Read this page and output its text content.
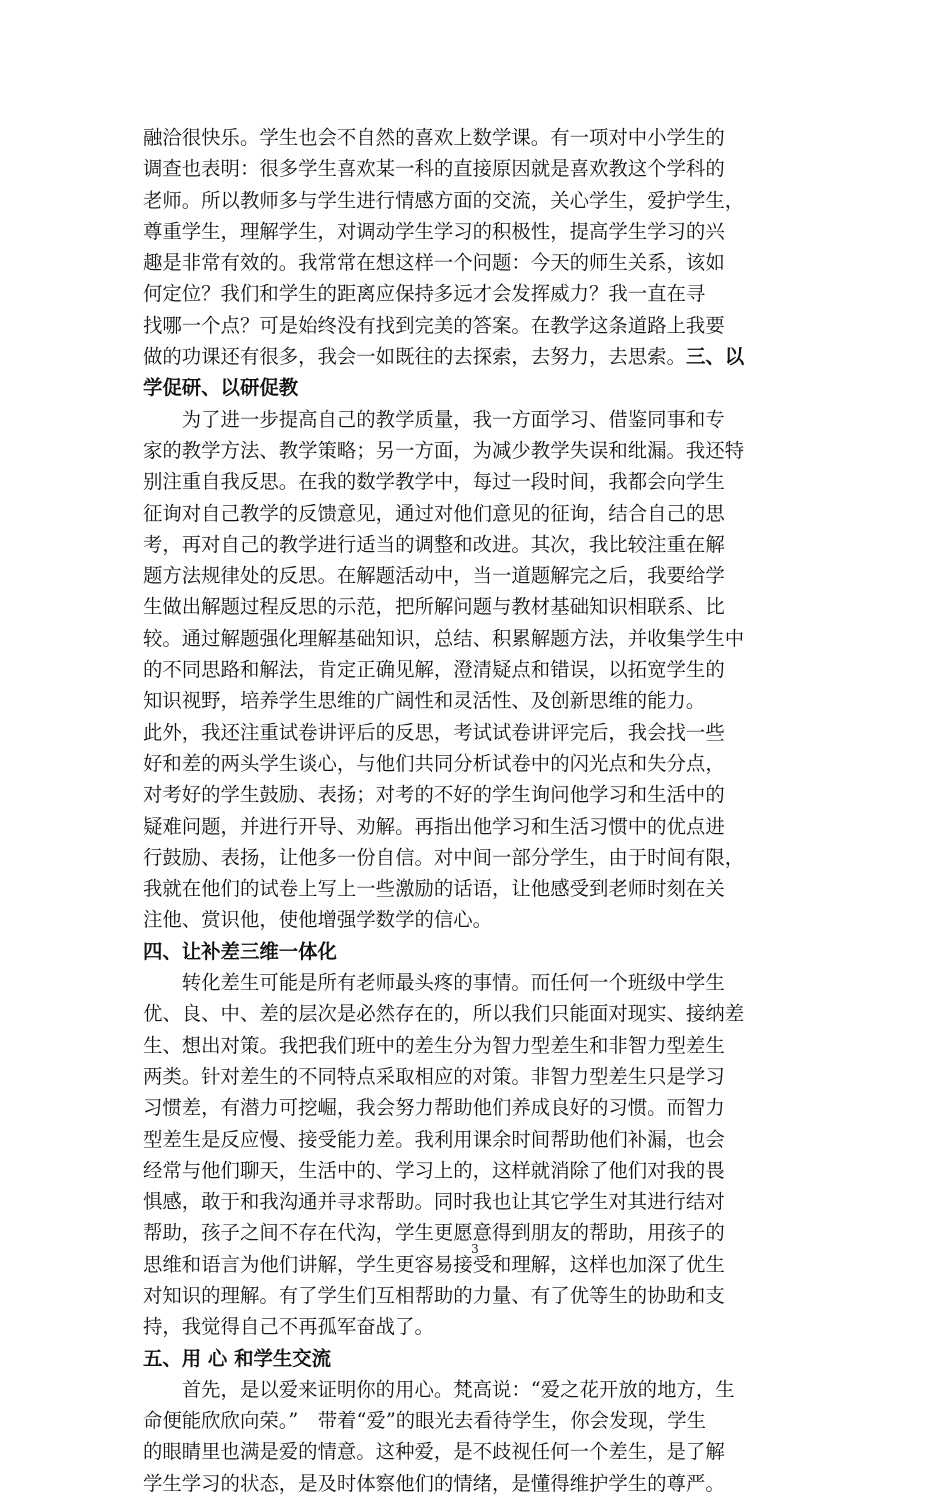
融洽很快乐。学生也会不自然的喜欢上数学课。有一项对中小学生的
调查也表明：很多学生喜欢某一科的直接原因就是喜欢教这个学科的
老师。所以教师多与学生进行情感方面的交流，关心学生，爱护学生，
尊重学生，理解学生，对调动学生学习的积极性，提高学生学习的兴
趣是非常有效的。我常常在想这样一个问题：今天的师生关系，该如
何定位？我们和学生的距离应保持多远才会发挥威力？我一直在寻
找哪一个点？可是始终没有找到完美的答案。在教学这条道路上我要
做的功课还有很多，我会一如既往的去探索，去努力，去思索。三、以
学促研、以研促教
　　为了进一步提高自己的教学质量，我一方面学习、借鉴同事和专
家的教学方法、教学策略；另一方面，为减少教学失误和纰漏。我还特
别注重自我反思。在我的数学教学中，每过一段时间，我都会向学生
征询对自己教学的反馈意见，通过对他们意见的征询，结合自己的思
考，再对自己的教学进行适当的调整和改进。其次，我比较注重在解
题方法规律处的反思。在解题活动中，当一道题解完之后，我要给学
生做出解题过程反思的示范，把所解问题与教材基础知识相联系、比
较。通过解题强化理解基础知识，总结、积累解题方法，并收集学生中
的不同思路和解法，肯定正确见解，澄清疑点和错误，以拓宽学生的
知识视野，培养学生思维的广阔性和灵活性、及创新思维的能力。
此外，我还注重试卷讲评后的反思，考试试卷讲评完后，我会找一些
好和差的两头学生谈心，与他们共同分析试卷中的闪光点和失分点，
对考好的学生鼓励、表扬；对考的不好的学生询问他学习和生活中的
疑难问题，并进行开导、劝解。再指出他学习和生活习惯中的优点进
行鼓励、表扬，让他多一份自信。对中间一部分学生，由于时间有限，
我就在他们的试卷上写上一些激励的话语，让他感受到老师时刻在关
注他、赏识他，使他增强学数学的信心。
四、让补差三维一体化
　　转化差生可能是所有老师最头疼的事情。而任何一个班级中学生
优、良、中、差的层次是必然存在的，所以我们只能面对现实、接纳差
生、想出对策。我把我们班中的差生分为智力型差生和非智力型差生
两类。针对差生的不同特点采取相应的对策。非智力型差生只是学习
习惯差，有潜力可挖崛，我会努力帮助他们养成良好的习惯。而智力
型差生是反应慢、接受能力差。我利用课余时间帮助他们补漏，也会
经常与他们聊天，生活中的、学习上的，这样就消除了他们对我的畏
惧感，敢于和我沟通并寻求帮助。同时我也让其它学生对其进行结对
帮助，孩子之间不存在代沟，学生更愿意得到朋友的帮助，用孩子的
思维和语言为他们讲解，学生更容易接受和理解，这样也加深了优生
对知识的理解。有了学生们互相帮助的力量、有了优等生的协助和支
持，我觉得自己不再孤军奋战了。
五、用 心 和学生交流
　　首先，是以爱来证明你的用心。梵高说：“爱之花开放的地方，生
命便能欣欣向荣。”　带着“爱”的眼光去看待学生，你会发现，学生
的眼睛里也满是爱的情意。这种爱，是不歧视任何一个差生，是了解
学生学习的状态，是及时体察他们的情绪，是懂得维护学生的尊严。
3
